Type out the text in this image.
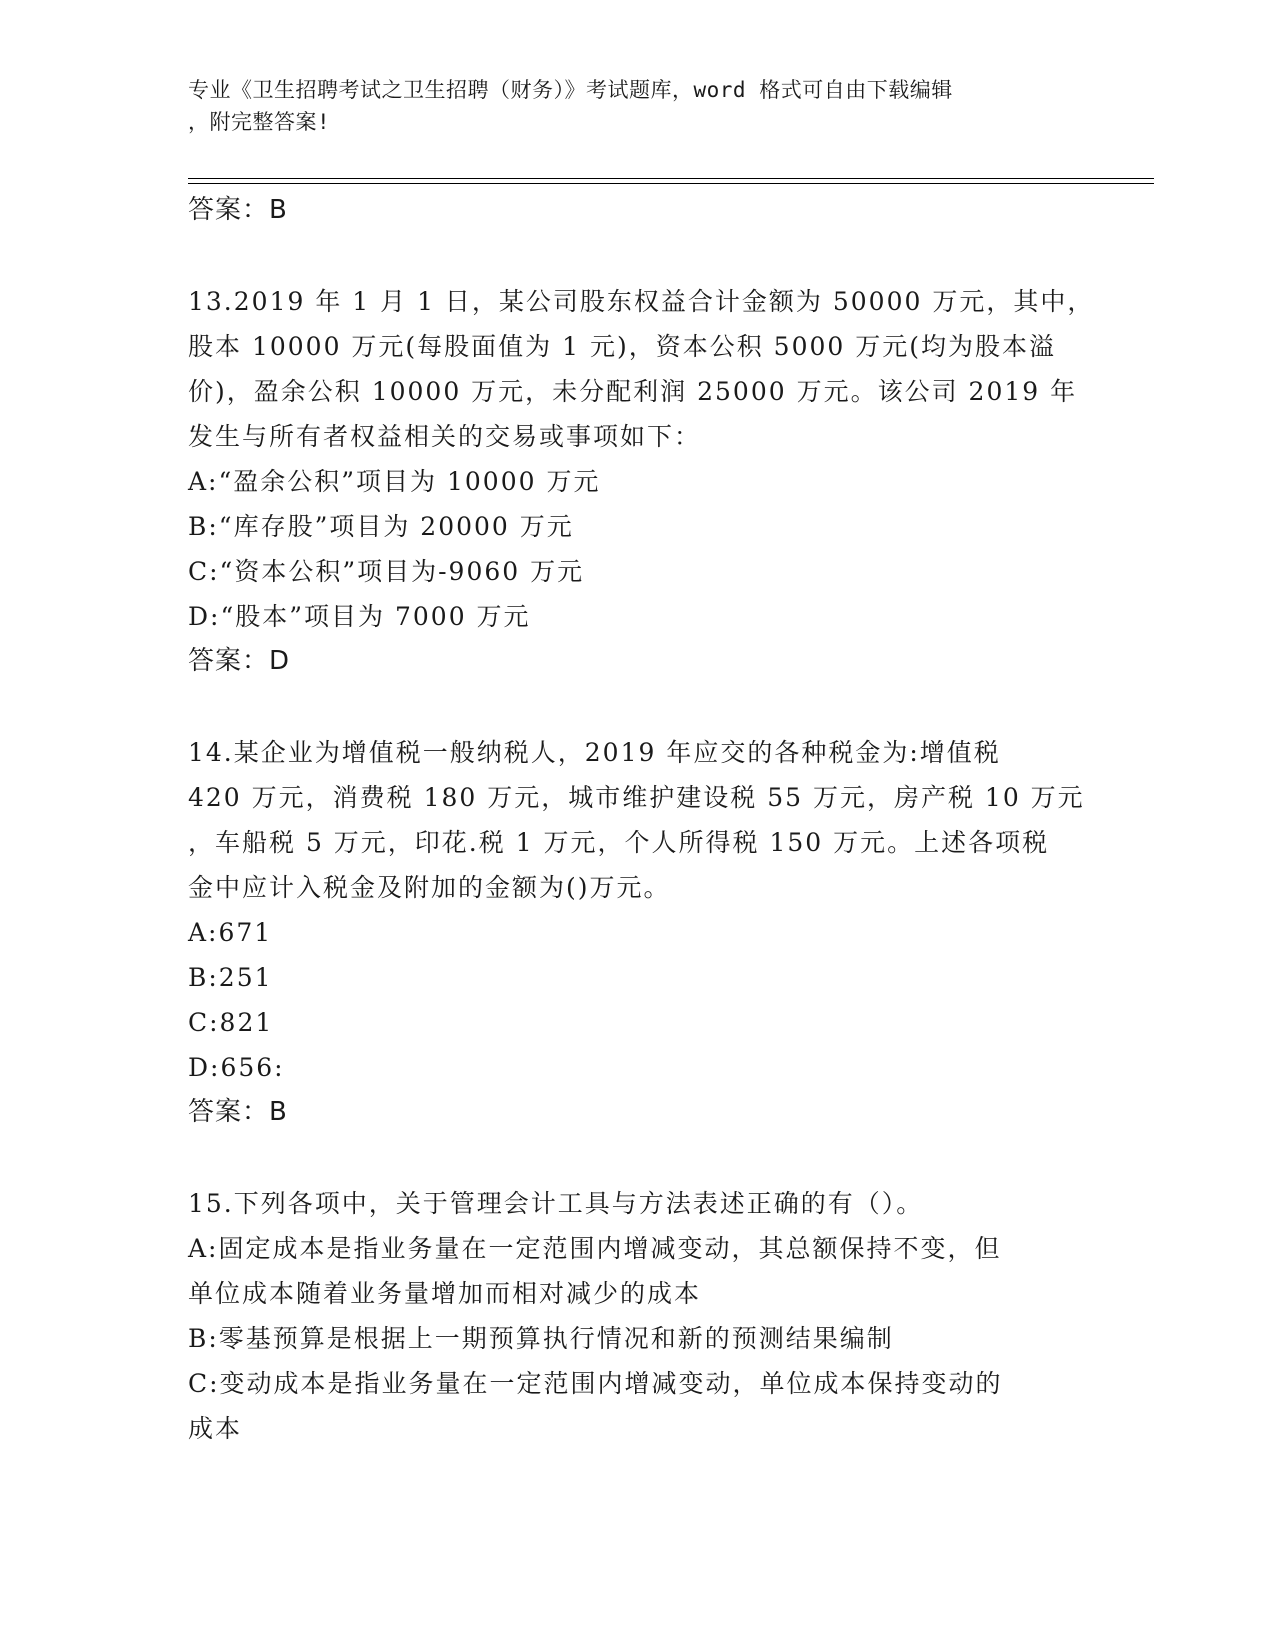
专业《卫生招聘考试之卫生招聘（财务）》考试题库，word 格式可自由下载编辑
，附完整答案!
答案：B
13.2019 年 1 月 1 日，某公司股东权益合计金额为 50000 万元，其中，
股本 10000 万元(每股面值为 1 元)，资本公积 5000 万元(均为股本溢
价)，盈余公积 10000 万元，未分配利润 25000 万元。该公司 2019 年
发生与所有者权益相关的交易或事项如下：
A:“盈余公积”项目为 10000 万元
B:“库存股”项目为 20000 万元
C:“资本公积”项目为-9060 万元
D:“股本”项目为 7000 万元
答案：D
14.某企业为增值税一般纳税人，2019 年应交的各种税金为:增值税
420 万元，消费税 180 万元，城市维护建设税 55 万元，房产税 10 万元
，车船税 5 万元，印花.税 1 万元，个人所得税 150 万元。上述各项税
金中应计入税金及附加的金额为()万元。
A:671
B:251
C:821
D:656:
答案：B
15.下列各项中，关于管理会计工具与方法表述正确的有（）。
A:固定成本是指业务量在一定范围内增减变动，其总额保持不变，但
单位成本随着业务量增加而相对减少的成本
B:零基预算是根据上一期预算执行情况和新的预测结果编制
C:变动成本是指业务量在一定范围内增减变动，单位成本保持变动的
成本
